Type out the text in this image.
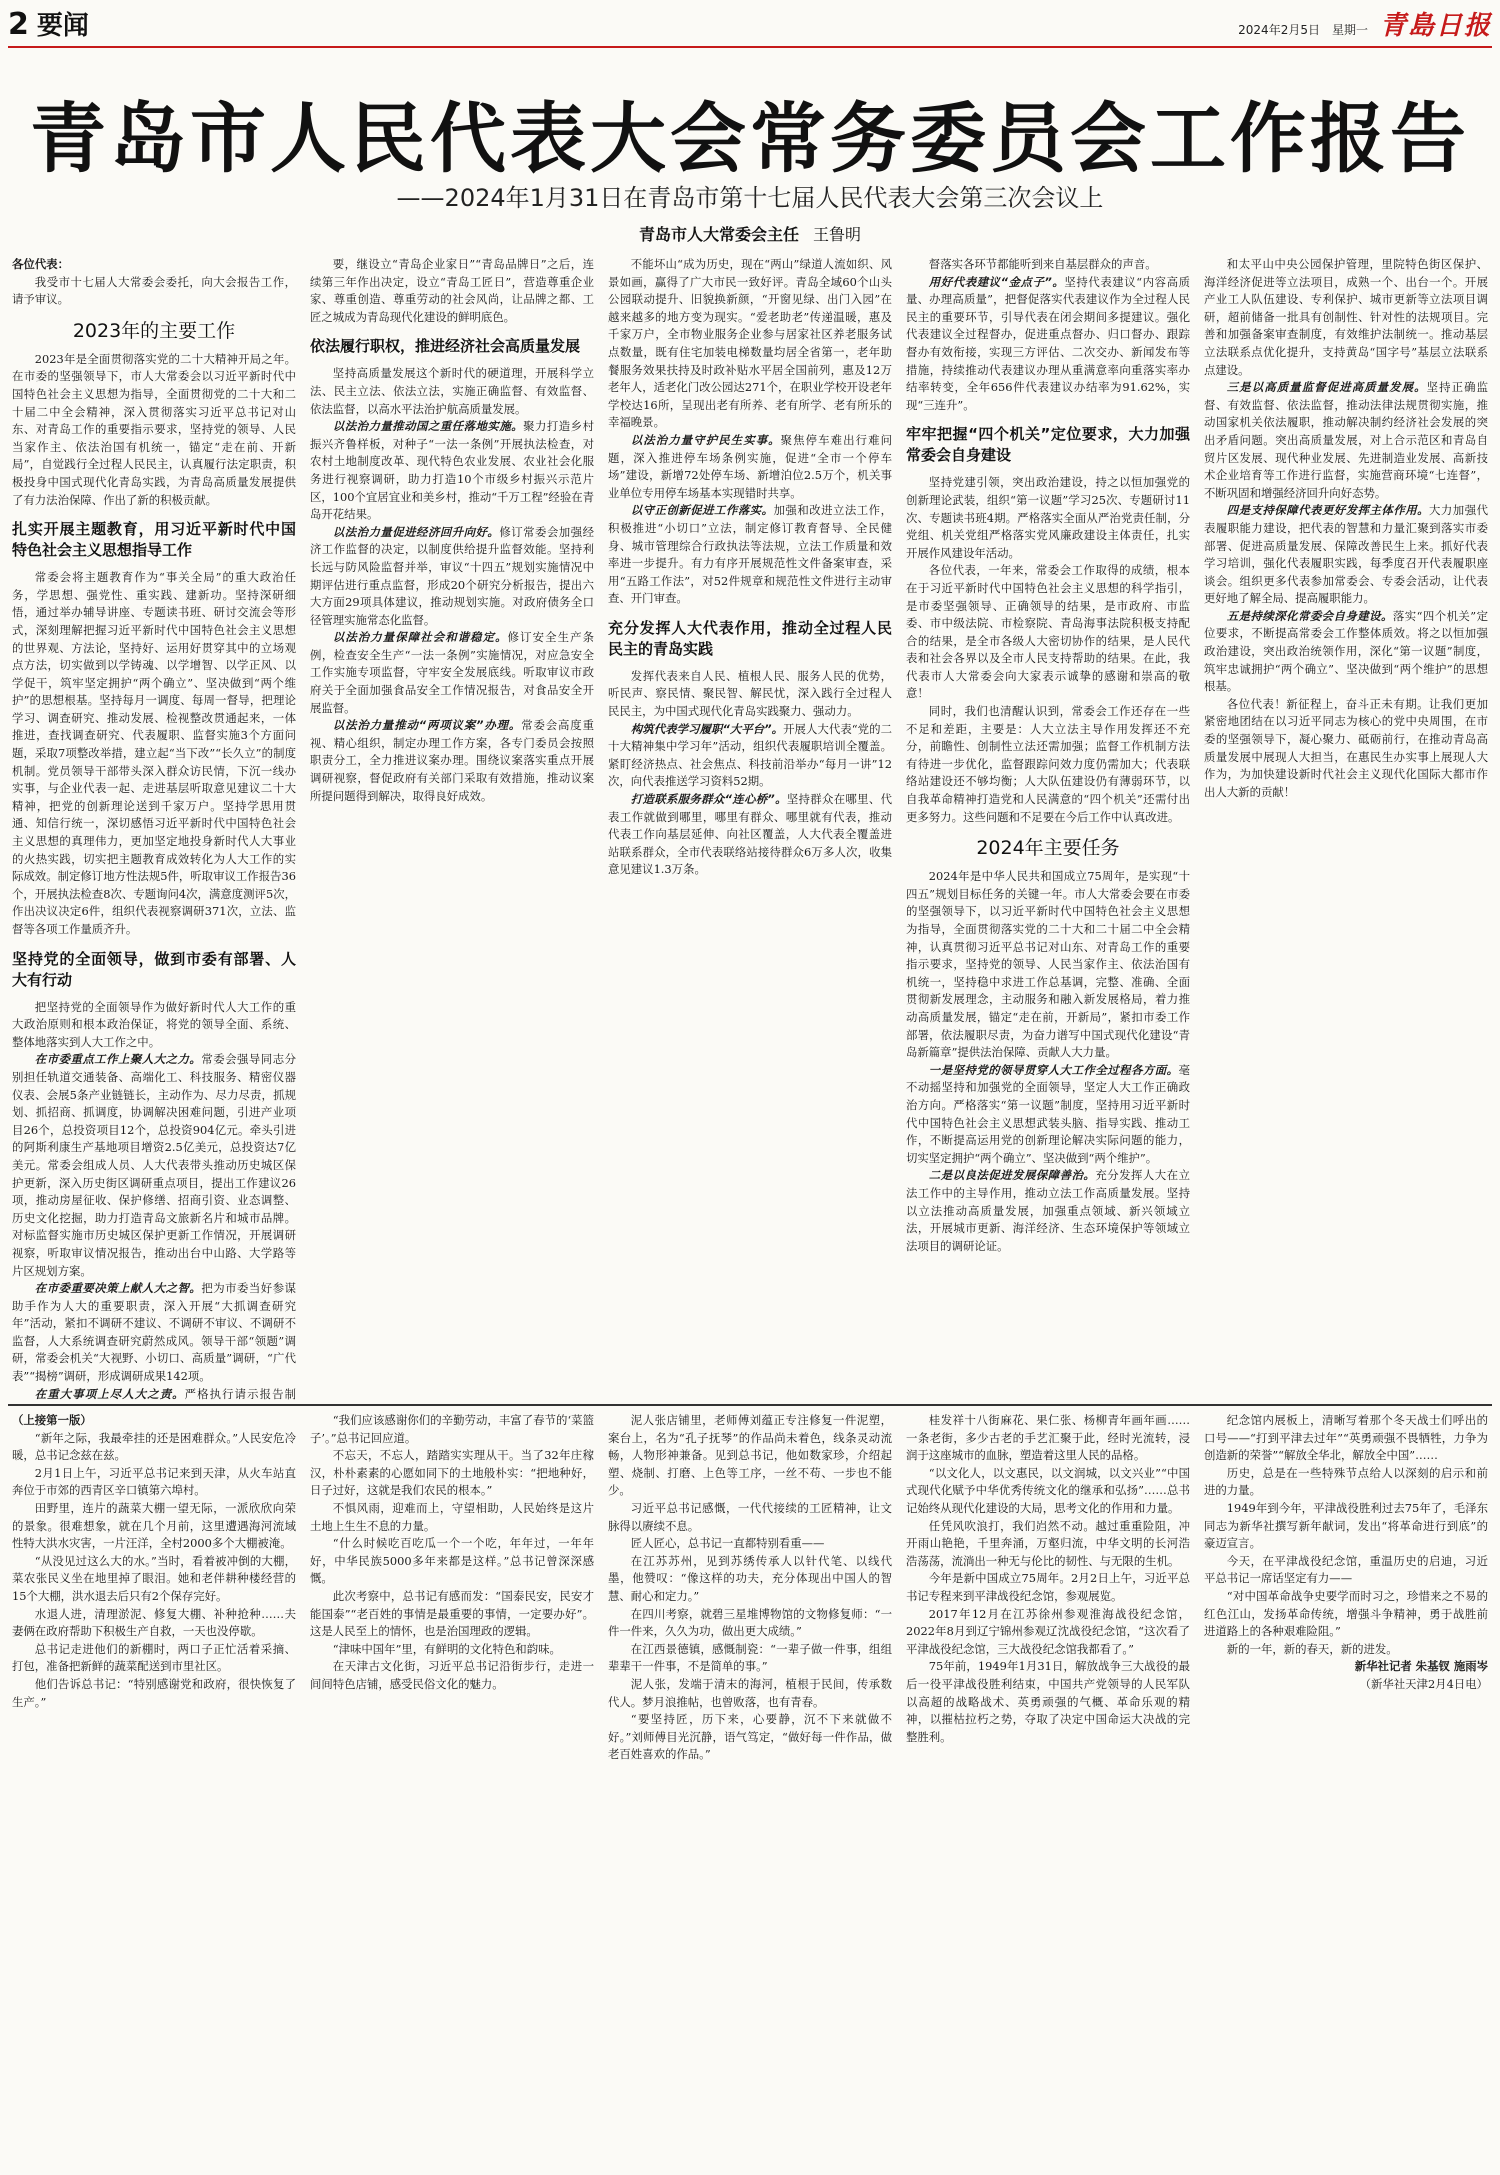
2 要闻	2024年2月5日 星期一 青島日报
青岛市人民代表大会常务委员会工作报告
——2024年1月31日在青岛市第十七届人民代表大会第三次会议上
青岛市人大常委会主任 王鲁明

各位代表：

我受市十七届人大常委会委托，向大会报告工作，请予审议。

2023年的主要工作

2023年是全面贯彻落实党的二十大精神开局之年。在市委的坚强领导下，市人大常委会以习近平新时代中国特色社会主义思想为指导，全面贯彻党的二十大和二十届二中全会精神，深入贯彻落实习近平总书记对山东、对青岛工作的重要指示要求，坚持党的领导、人民当家作主、依法治国有机统一，锚定“走在前、开新局”，自觉践行全过程人民民主，认真履行法定职责，积极投身中国式现代化青岛实践，为青岛高质量发展提供了有力法治保障、作出了新的积极贡献。

扎实开展主题教育，用习近平新时代中国特色社会主义思想指导工作

常委会将主题教育作为“事关全局”的重大政治任务，学思想、强党性、重实践、建新功。坚持深研细悟，通过举办辅导讲座、专题读书班、研讨交流会等形式，深刻理解把握习近平新时代中国特色社会主义思想的世界观、方法论，坚持好、运用好贯穿其中的立场观点方法，切实做到以学铸魂、以学增智、以学正风、以学促干，筑牢坚定拥护“两个确立”、坚决做到“两个维护”的思想根基。坚持每月一调度、每周一督导，把理论学习、调查研究、推动发展、检视整改贯通起来，一体推进，查找调查研究、代表履职、监督实施3个方面问题，采取7项整改举措，建立起“当下改”“长久立”的制度机制。党员领导干部带头深入群众访民情，下沉一线办实事，与企业代表一起、走进基层听取意见建议二十大精神，把党的创新理论送到千家万户。坚持学思用贯通、知信行统一，深切感悟习近平新时代中国特色社会主义思想的真理伟力，更加坚定地投身新时代人大事业的火热实践，切实把主题教育成效转化为人大工作的实际成效。制定修订地方性法规5件，听取审议工作报告36个，开展执法检查8次、专题询问4次，满意度测评5次，作出决议决定6件，组织代表视察调研371次，立法、监督等各项工作量质齐升。

坚持党的全面领导，做到市委有部署、人大有行动

把坚持党的全面领导作为做好新时代人大工作的重大政治原则和根本政治保证，将党的领导全面、系统、整体地落实到人大工作之中。

在市委重点工作上聚人大之力。常委会强导同志分别担任轨道交通装备、高端化工、科技服务、精密仪器仪表、会展5条产业链链长，主动作为、尽力尽责，抓规划、抓招商、抓调度，协调解决困难问题，引进产业项目26个，总投资项目12个，总投资904亿元。牵头引进的阿斯利康生产基地项目增资2.5亿美元，总投资达7亿美元。常委会组成人员、人大代表带头推动历史城区保护更新，深入历史街区调研重点项目，提出工作建议26项，推动房屋征收、保护修缮、招商引资、业态调整、历史文化挖掘，助力打造青岛文旅新名片和城市品牌。对标监督实施市历史城区保护更新工作情况，开展调研视察，听取审议情况报告，推动出台中山路、大学路等片区规划方案。

在市委重要决策上献人大之智。把为市委当好参谋助手作为人大的重要职责，深入开展“大抓调查研究年”活动，紧扣不调研不建议、不调研不审议、不调研不监督，人大系统调查研究蔚然成风。领导干部“领题”调研，常委会机关“大视野、小切口、高质量”调研，“广代表”“揭榜”调研，形成调研成果142项。

在重大事项上尽人大之责。严格执行请示报告制

要，继设立“青岛企业家日”“青岛品牌日”之后，连续第三年作出决定，设立“青岛工匠日”，营造尊重企业家、尊重创造、尊重劳动的社会风尚，让品牌之都、工匠之城成为青岛现代化建设的鲜明底色。

依法履行职权，推进经济社会高质量发展

坚持高质量发展这个新时代的硬道理，开展科学立法、民主立法、依法立法，实施正确监督、有效监督、依法监督，以高水平法治护航高质量发展。

以法治力量推动国之重任落地实施。聚力打造乡村振兴齐鲁样板，对种子“一法一条例”开展执法检查，对农村土地制度改革、现代特色农业发展、农业社会化服务进行视察调研，助力打造10个市级乡村振兴示范片区，100个宜居宜业和美乡村，推动“千万工程”经验在青岛开花结果。

以法治力量促进经济回升向好。修订常委会加强经济工作监督的决定，以制度供给提升监督效能。坚持利长远与防风险监督并举，审议“十四五”规划实施情况中期评估进行重点监督，形成20个研究分析报告，提出六大方面29项具体建议，推动规划实施。对政府债务全口径管理实施常态化监督。

以法治力量保障社会和谐稳定。修订安全生产条例，检查安全生产“一法一条例”实施情况，对应急安全工作实施专项监督，守牢安全发展底线。听取审议市政府关于全面加强食品安全工作情况报告，对食品安全开展监督。

以法治力量推动“两项议案”办理。常委会高度重视、精心组织，制定办理工作方案，各专门委员会按照职责分工，全力推进议案办理。围绕议案落实重点开展调研视察，督促政府有关部门采取有效措施，推动议案所提问题得到解决，取得良好成效。

不能坏山“成为历史，现在“两山”绿道人流如织、风景如画，赢得了广大市民一致好评。青岛全域60个山头公园联动提升、旧貌换新颜，“开窗见绿、出门入园”在越来越多的地方变为现实。“爱老助老”传递温暖，惠及千家万户，全市物业服务企业参与居家社区养老服务试点数量，既有住宅加装电梯数量均居全省第一，老年助餐服务效果扶持及时政补贴水平居全国前列，惠及12万老年人，适老化门改公园达271个，在职业学校开设老年学校达16所，呈现出老有所养、老有所学、老有所乐的幸福晚景。

以法治力量守护民生实事。聚焦停车难出行难问题，深入推进停车场条例实施，促进“全市一个停车场”建设，新增72处停车场、新增泊位2.5万个，机关事业单位专用停车场基本实现错时共享。

以守正创新促进工作落实。加强和改进立法工作，积极推进“小切口”立法，制定修订教育督导、全民健身、城市管理综合行政执法等法规，立法工作质量和效率进一步提升。有力有序开展规范性文件备案审查，采用“五路工作法”，对52件规章和规范性文件进行主动审查、开门审查。

充分发挥人大代表作用，推动全过程人民民主的青岛实践

发挥代表来自人民、植根人民、服务人民的优势，听民声、察民情、聚民智、解民忧，深入践行全过程人民民主，为中国式现代化青岛实践聚力、强动力。

构筑代表学习履职“大平台”。开展人大代表“党的二十大精神集中学习年”活动，组织代表履职培训全覆盖。紧盯经济热点、社会焦点、科技前沿举办“每月一讲”12次，向代表推送学习资料52期。

打造联系服务群众“连心桥”。坚持群众在哪里、代表工作就做到哪里，哪里有群众、哪里就有代表，推动代表工作向基层延伸、向社区覆盖，人大代表全覆盖进站联系群众，全市代表联络站接待群众6万多人次，收集意见建议1.3万条。

督落实各环节都能听到来自基层群众的声音。

用好代表建议“金点子”。坚持代表建议“内容高质量、办理高质量”，把督促落实代表建议作为全过程人民民主的重要环节，引导代表在闭会期间多提建议。强化代表建议全过程督办，促进重点督办、归口督办、跟踪督办有效衔接，实现三方评估、二次交办、新闻发布等措施，持续推动代表建议办理从重满意率向重落实率办结率转变，全年656件代表建议办结率为91.62%，实现“三连升”。

牢牢把握“四个机关”定位要求，大力加强常委会自身建设

坚持党建引领，突出政治建设，持之以恒加强党的创新理论武装，组织“第一议题”学习25次、专题研讨11次、专题读书班4期。严格落实全面从严治党责任制，分党组、机关党组严格落实党风廉政建设主体责任，扎实开展作风建设年活动。

各位代表，一年来，常委会工作取得的成绩，根本在于习近平新时代中国特色社会主义思想的科学指引，是市委坚强领导、正确领导的结果，是市政府、市监委、市中级法院、市检察院、青岛海事法院积极支持配合的结果，是全市各级人大密切协作的结果，是人民代表和社会各界以及全市人民支持帮助的结果。在此，我代表市人大常委会向大家表示诚挚的感谢和崇高的敬意！

同时，我们也清醒认识到，常委会工作还存在一些不足和差距，主要是：人大立法主导作用发挥还不充分，前瞻性、创制性立法还需加强；监督工作机制方法有待进一步优化，监督跟踪问效力度仍需加大；代表联络站建设还不够均衡；人大队伍建设仍有薄弱环节，以自我革命精神打造党和人民满意的“四个机关”还需付出更多努力。这些问题和不足要在今后工作中认真改进。

2024年主要任务

2024年是中华人民共和国成立75周年，是实现“十四五”规划目标任务的关键一年。市人大常委会要在市委的坚强领导下，以习近平新时代中国特色社会主义思想为指导，全面贯彻落实党的二十大和二十届二中全会精神，认真贯彻习近平总书记对山东、对青岛工作的重要指示要求，坚持党的领导、人民当家作主、依法治国有机统一，坚持稳中求进工作总基调，完整、准确、全面贯彻新发展理念，主动服务和融入新发展格局，着力推动高质量发展，锚定“走在前，开新局”，紧扣市委工作部署，依法履职尽责，为奋力谱写中国式现代化建设“青岛新篇章”提供法治保障、贡献人大力量。

一是坚持党的领导贯穿人大工作全过程各方面。毫不动摇坚持和加强党的全面领导，坚定人大工作正确政治方向。严格落实“第一议题”制度，坚持用习近平新时代中国特色社会主义思想武装头脑、指导实践、推动工作，不断提高运用党的创新理论解决实际问题的能力，切实坚定拥护“两个确立”、坚决做到“两个维护”。

二是以良法促进发展保障善治。充分发挥人大在立法工作中的主导作用，推动立法工作高质量发展。坚持以立法推动高质量发展，加强重点领域、新兴领域立法，开展城市更新、海洋经济、生态环境保护等领域立法项目的调研论证。

和太平山中央公园保护管理，里院特色街区保护、海洋经济促进等立法项目，成熟一个、出台一个。开展产业工人队伍建设、专利保护、城市更新等立法项目调研，超前储备一批具有创制性、针对性的法规项目。完善和加强备案审查制度，有效维护法制统一。推动基层立法联系点优化提升，支持黄岛“国字号”基层立法联系点建设。

三是以高质量监督促进高质量发展。坚持正确监督、有效监督、依法监督，推动法律法规贯彻实施，推动国家机关依法履职，推动解决制约经济社会发展的突出矛盾问题。突出高质量发展，对上合示范区和青岛自贸片区发展、现代种业发展、先进制造业发展、高新技术企业培育等工作进行监督，实施营商环境“七连督”，不断巩固和增强经济回升向好态势。

四是支持保障代表更好发挥主体作用。大力加强代表履职能力建设，把代表的智慧和力量汇聚到落实市委部署、促进高质量发展、保障改善民生上来。抓好代表学习培训，强化代表履职实践，每季度召开代表履职座谈会。组织更多代表参加常委会、专委会活动，让代表更好地了解全局、提高履职能力。

五是持续深化常委会自身建设。落实“四个机关”定位要求，不断提高常委会工作整体质效。将之以恒加强政治建设，突出政治统领作用，深化“第一议题”制度，筑牢忠诚拥护“两个确立”、坚决做到“两个维护”的思想根基。

各位代表！新征程上，奋斗正未有期。让我们更加紧密地团结在以习近平同志为核心的党中央周围，在市委的坚强领导下，凝心聚力、砥砺前行，在推动青岛高质量发展中展现人大担当，在惠民生办实事上展现人大作为，为加快建设新时代社会主义现代化国际大都市作出人大新的贡献！

（上接第一版）

“新年之际，我最牵挂的还是困难群众。”人民安危冷暖，总书记念兹在兹。

2月1日上午，习近平总书记来到天津，从火车站直奔位于市郊的西青区辛口镇第六埠村。

田野里，连片的蔬菜大棚一望无际，一派欣欣向荣的景象。很难想象，就在几个月前，这里遭遇海河流域性特大洪水灾害，一片汪洋，全村2000多个大棚被淹。

“从没见过这么大的水。”当时，看着被冲倒的大棚，菜农张民义坐在地里掉了眼泪。她和老伴耕种楼经营的15个大棚，洪水退去后只有2个保存完好。

水退人进，清理淤泥、修复大棚、补种抢种……夫妻俩在政府帮助下积极生产自救，一天也没停歇。

总书记走进他们的新棚时，两口子正忙活着采摘、打包，准备把新鲜的蔬菜配送到市里社区。

他们告诉总书记：“特别感谢党和政府，很快恢复了生产。”

“我们应该感谢你们的辛勤劳动，丰富了春节的‘菜篮子’。”总书记回应道。

不忘天，不忘人，踏踏实实理从干。当了32年庄稼汉，朴朴素素的心愿如同下的土地般朴实：“把地种好，日子过好，这就是我们农民的根本。”

不惧风雨，迎难而上，守望相助，人民始终是这片土地上生生不息的力量。

“什么时候吃百吃瓜一个一个吃，年年过，一年年好，中华民族5000多年来都是这样。”总书记曾深深感慨。

此次考察中，总书记有感而发：“国泰民安，民安才能国泰”“老百姓的事情是最重要的事情，一定要办好”。这是人民至上的情怀，也是治国理政的逻辑。

“津味中国年”里，有鲜明的文化特色和韵味。

在天津古文化街，习近平总书记沿街步行，走进一间间特色店铺，感受民俗文化的魅力。

泥人张店铺里，老师傅刘蕴正专注修复一件泥塑，案台上，名为“孔子抚琴”的作品尚未着色，线条灵动流畅，人物形神兼备。见到总书记，他如数家珍，介绍起塑、烧制、打磨、上色等工序，一丝不苟、一步也不能少。

习近平总书记感慨，一代代接续的工匠精神，让文脉得以赓续不息。

匠人匠心，总书记一直都特别看重——

在江苏苏州，见到苏绣传承人以针代笔、以线代墨，他赞叹：“像这样的功夫，充分体现出中国人的智慧、耐心和定力。”

在四川考察，就碧三星堆博物馆的文物修复师：“一件一件来，久久为功，做出更大成绩。”

在江西景德镇，感慨制瓷：“一辈子做一件事，组组辈辈干一件事，不是简单的事。”

泥人张，发端于清末的海河，植根于民间，传承数代人。梦月浪推帖，也曾败落，也有青春。

“要坚持匠，历下来，心要静，沉不下来就做不好。”刘师傅目光沉静，语气笃定，“做好每一件作品，做老百姓喜欢的作品。”

桂发祥十八街麻花、果仁张、杨柳青年画年画……一条老街，多少古老的手艺汇聚于此，经时光流转，浸润于这座城市的血脉，塑造着这里人民的品格。

“以文化人，以文惠民，以文润城，以文兴业”“中国式现代化赋予中华优秀传统文化的继承和弘扬”……总书记始终从现代化建设的大局，思考文化的作用和力量。

任凭风吹浪打，我们岿然不动。越过重重险阻，冲开雨山艳艳，千里奔涌，万壑归流，中华文明的长河浩浩荡荡，流淌出一种无与伦比的韧性、与无限的生机。

今年是新中国成立75周年。2月2日上午，习近平总书记专程来到平津战役纪念馆，参观展览。

2017年12月在江苏徐州参观淮海战役纪念馆，2022年8月到辽宁锦州参观辽沈战役纪念馆，“这次看了平津战役纪念馆，三大战役纪念馆我都看了。”

75年前，1949年1月31日，解放战争三大战役的最后一役平津战役胜利结束，中国共产党领导的人民军队以高超的战略战术、英勇顽强的气概、革命乐观的精神，以摧枯拉朽之势，夺取了决定中国命运大决战的完整胜利。

纪念馆内展板上，清晰写着那个冬天战士们呼出的口号——“打到平津去过年”“英勇顽强不畏牺牲，力争为创造新的荣誉”“解放全华北，解放全中国”……

历史，总是在一些特殊节点给人以深刻的启示和前进的力量。

1949年到今年，平津战役胜利过去75年了，毛泽东同志为新华社撰写新年献词，发出“将革命进行到底”的豪迈宣言。

今天，在平津战役纪念馆，重温历史的启迪，习近平总书记一席话坚定有力——

“对中国革命战争史要学而时习之，珍惜来之不易的红色江山，发扬革命传统，增强斗争精神，勇于战胜前进道路上的各种艰难险阻。”

新的一年，新的春天，新的进发。

新华社记者 朱基钗 施雨岑

（新华社天津2月4日电）
